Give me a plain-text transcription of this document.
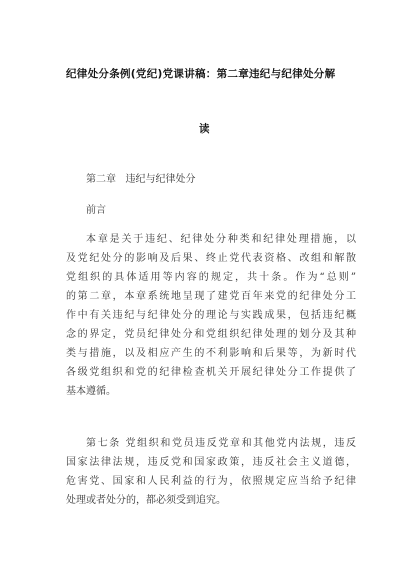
纪律处分条例(党纪)党课讲稿：第二章违纪与纪律处分解
读
第二章   违纪与纪律处分
前言
本章是关于违纪、纪律处分种类和纪律处理措施，以
及党纪处分的影响及后果、终止党代表资格、改组和解散
党组织的具体适用等内容的规定，共十条。作为“总则”
的第二章，本章系统地呈现了建党百年来党的纪律处分工
作中有关违纪与纪律处分的理论与实践成果，包括违纪概
念的界定，党员纪律处分和党组织纪律处理的划分及其种
类与措施，以及相应产生的不利影响和后果等，为新时代
各级党组织和党的纪律检查机关开展纪律处分工作提供了
基本遵循。
第七条 党组织和党员违反党章和其他党内法规，违反
国家法律法规，违反党和国家政策，违反社会主义道德，
危害党、国家和人民利益的行为，依照规定应当给予纪律
处理或者处分的，都必须受到追究。
